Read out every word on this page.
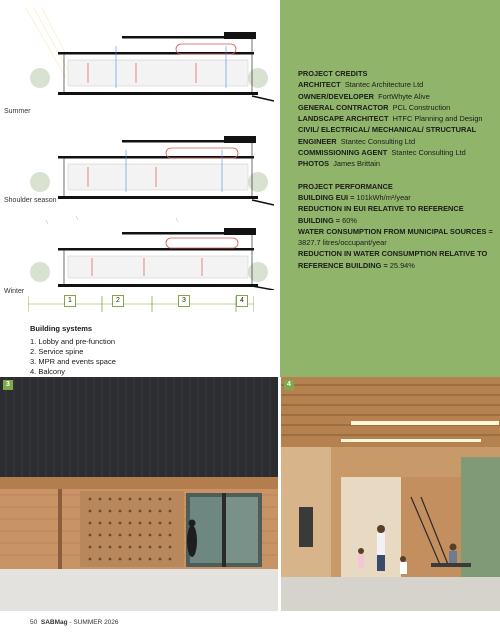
Summer
Shoulder season
Winter
1	2	3	4
Building systems
1. Lobby and pre-function
2. Service spine
3. MPR and events space
4. Balcony

PROJECT CREDITS

ARCHITECT Stantec Architecture Ltd

OWNER/DEVELOPER FortWhyte Alive

GENERAL CONTRACTOR PCL Construction

LANDSCAPE ARCHITECT HTFC Planning and Design

CIVIL/ ELECTRICAL/ MECHANICAL/ STRUCTURAL ENGINEER Stantec Consulting Ltd

COMMISSIONING AGENT Stantec Consulting Ltd

PHOTOS James Brittain

PROJECT PERFORMANCE

BUILDING EUI = 101kWh/m²/year

REDUCTION IN EUI RELATIVE TO REFERENCE BUILDING = 60%

WATER CONSUMPTION FROM MUNICIPAL SOURCES = 3827.7 litres/occupant/year

REDUCTION IN WATER CONSUMPTION RELATIVE TO REFERENCE BUILDING = 25.94%

3	4
50 SABMag - SUMMER 2026
